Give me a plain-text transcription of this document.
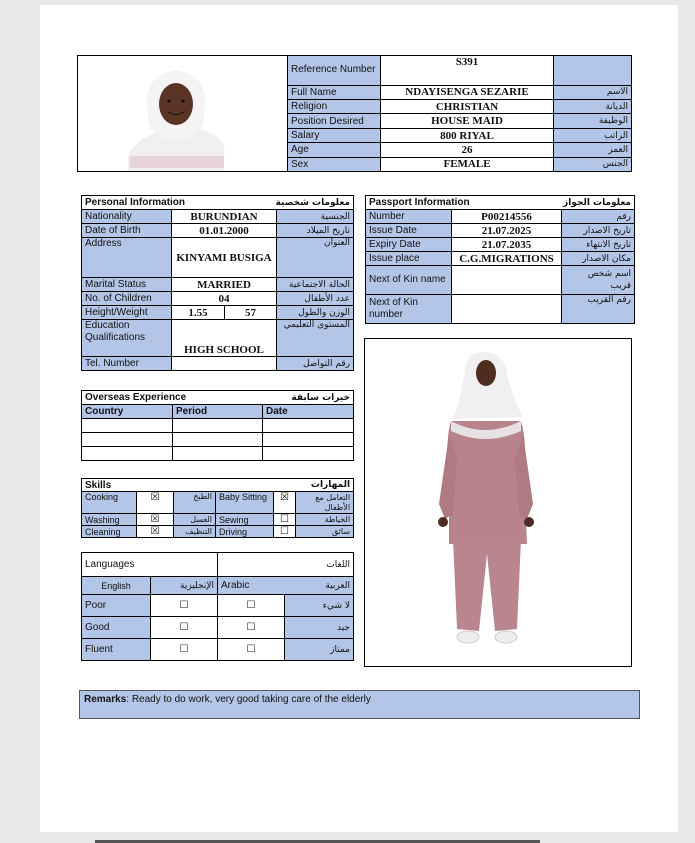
	Reference Number	S391	
	Full Name	NDAYISENGA SEZARIE	الاسم
	Religion	CHRISTIAN	الديانة
	Position Desired	HOUSE MAID	الوظيفة
	Salary	800 RIYAL	الراتب
	Age	26	العمر
	Sex	FEMALE	الجنس
Personal Information		معلومات شخصية	
Nationality	BURUNDIAN		الجنسية
Date of Birth	01.01.2000		تاريخ الميلاد
Address	KINYAMI BUSIGA		العنوان
Marital Status	MARRIED		الحالة الاجتماعية
No. of Children	04		عدد الأطفال
Height/Weight	1.55	57	الوزن والطول
Education Qualifications	HIGH SCHOOL		المستوى التعليمي
Tel. Number			رقم التواصل
Passport Information		معلومات الجواز
Number	P00214556	رقم
Issue Date	21.07.2025	تاريخ الاصدار
Expiry Date	21.07.2035	تاريخ الانتهاء
Issue place	C.G.MIGRATIONS	مكان الاصدار
Next of Kin name		اسم شخص قريب
Next of Kin number		رقم القريب
Overseas Experience		خبرات سابقة
Country	Period	Date

Skills			المهارات		
Cooking	☒	الطبخ	Baby Sitting	☒	التعامل مع الأطفال
Washing	☒	الغسل	Sewing	☐	الخياطة
Cleaning	☒	التنظيف	Driving	☐	سائق
Languages		اللغات	
English	الإنجليزية	Arabic	العربية
Poor	☐	☐	لا شيء
Good	☐	☐	جيد
Fluent	☐	☐	ممتاز
Remarks: Ready to do work, very good taking care of the elderly
